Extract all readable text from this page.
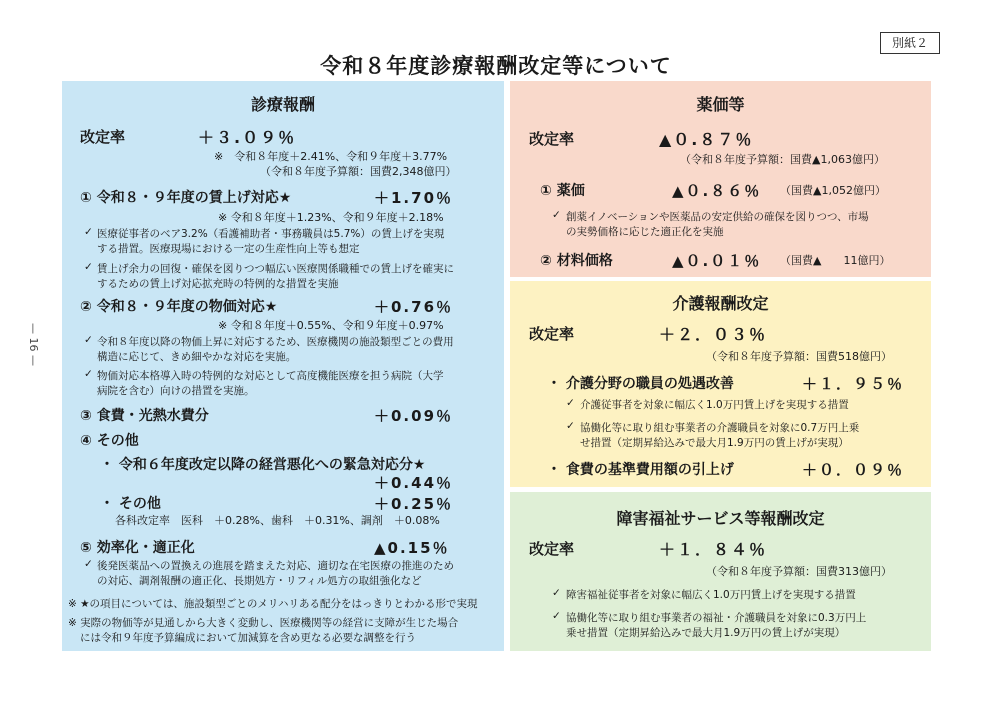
令和８年度診療報酬改定等について
別紙２
— 16 —
診療報酬
改定率	＋３.０９％
※　令和８年度＋2.41%、令和９年度＋3.77%
（令和８年度予算額：国費2,348億円）
① 令和８・９年度の賃上げ対応★	＋1.70％
※ 令和８年度＋1.23%、令和９年度＋2.18%
✓ 医療従事者のベア3.2%（看護補助者・事務職員は5.7%）の賃上げを実現
する措置。医療現場における一定の生産性向上等も想定
✓ 賃上げ余力の回復・確保を図りつつ幅広い医療関係職種での賃上げを確実に
するための賃上げ対応拡充時の特例的な措置を実施
② 令和８・９年度の物価対応★	＋0.76％
※ 令和８年度＋0.55%、令和９年度＋0.97%
✓ 令和８年度以降の物価上昇に対応するため、医療機関の施設類型ごとの費用
構造に応じて、きめ細やかな対応を実施。
✓ 物価対応本格導入時の特例的な対応として高度機能医療を担う病院（大学
病院を含む）向けの措置を実施。
③ 食費・光熱水費分	＋0.09％
④ その他
・ 令和６年度改定以降の経営悪化への緊急対応分★
＋0.44％
・ その他	＋0.25％
各科改定率　医科　＋0.28%、歯科　＋0.31%、調剤　＋0.08%
⑤ 効率化・適正化	▲0.15％
✓ 後発医薬品への置換えの進展を踏まえた対応、適切な在宅医療の推進のため
の対応、調剤報酬の適正化、長期処方・リフィル処方の取組強化など
※ ★の項目については、施設類型ごとのメリハリある配分をはっきりとわかる形で実現
※ 実際の物価等が見通しから大きく変動し、医療機関等の経営に支障が生じた場合
には令和９年度予算編成において加減算を含め更なる必要な調整を行う
薬価等
改定率	▲０.８７％
（令和８年度予算額：国費▲1,063億円）
① 薬価	▲０.８６％ （国費▲1,052億円）
✓ 創薬イノベーションや医薬品の安定供給の確保を図りつつ、市場
の実勢価格に応じた適正化を実施
② 材料価格	▲０.０１％ （国費▲　　11億円）
介護報酬改定
改定率	＋２．０３％
（令和８年度予算額：国費518億円）
・ 介護分野の職員の処遇改善	＋１．９５％
✓ 介護従事者を対象に幅広く1.0万円賃上げを実現する措置
✓ 協働化等に取り組む事業者の介護職員を対象に0.7万円上乗
せ措置（定期昇給込みで最大月1.9万円の賃上げが実現）
・ 食費の基準費用額の引上げ	＋０．０９％
障害福祉サービス等報酬改定
改定率	＋１．８４％
（令和８年度予算額：国費313億円）
✓ 障害福祉従事者を対象に幅広く1.0万円賃上げを実現する措置
✓ 協働化等に取り組む事業者の福祉・介護職員を対象に0.3万円上
乗せ措置（定期昇給込みで最大月1.9万円の賃上げが実現）
